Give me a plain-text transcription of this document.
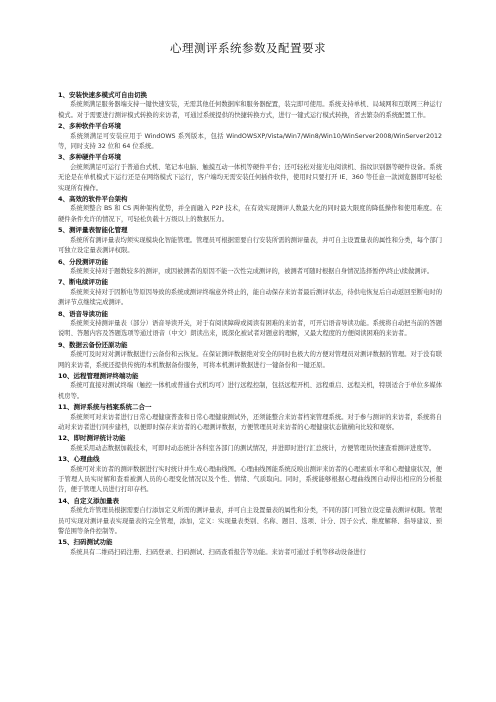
心理测评系统参数及配置要求
1、安装快速多模式可自由切换
系统须满足服务器端支持一键快速安装，无需其他任何数据库和服务器配置，装完即可使用。系统支持单机、局域网和互联网三种运行模式。对于需要进行测评模式转换的来访者，可通过系统提供的快捷转换方式，进行一键式运行模式转换，省去繁杂的系统配置工作。
2、多种软件平台环境
系统须满足可安装应用于 WindOWS 系列版本，包括 WindOWSXP/Vista/Win7/Win8/Win10/WinServer2008/WinServer2012 等，同时支持 32 位和 64 位系统。
3、多种硬件平台环境
会统须满足可运行于普通台式机、笔记本电脑、触摸互动一体机等硬件平台；还可轻松对接光电阅读机、指纹识别器等硬件设备。系统无论是在单机模式下运行还是在网络模式下运行，客户端均无需安装任何插件软件，使用时只要打开 IE、360 等任意一款浏览器即可轻松实现所有操作。
4、高效的软件平台架构
系统须整合 BS 和 CS 两种架构优势，并全面融入 P2P 技术，在有效实现测评人数最大化的同时最大限度的降低操作和使用难度。在硬件条件允许的情况下，可轻松负载十万级以上的数据压力。
5、测评量表智能化管理
系统所有测评量表均须实现模块化智能管理。管理员可根据需要自行安装所需的测评量表，并可自主设置量表的属性和分类，每个部门可独立设定量表测评权限。
6、分段测评功能
系统须支持对于题数较多的测评，或因被测者的原因不能一次性完成测评的，被测者可随时根据自身情况选择暂停\终止\续做测评。
7、断电续评功能
系统须支持对于因断电等原因导致的系统或测评终端意外终止的，能自动保存来访者最后测评状态，待供电恢复后自动返回至断电时的测评节点继续完成测评。
8、语音导读功能
系统须支持测评量表（部分）语音导读开关，对于有阅读障碍或阅读有困难的来访者，可开启语音导读功能。系统将自动把当前的答题说明、答题内容及答题选项等通过语音（中文）朗读出来，既深化被试者对题意的理解，又最大程度的方便阅读困难的来访者。
9、数据云备份还原功能
系统可及时对对测评数据进行云备份和云恢复。在保证测评数据绝对安全的同时也极大的方便对管理员对测评数据的管理。对于没有联网的来访者，系统还提供传统的本机数据备份服务，可将本机测评数据进行一键备份和一键还原。
10、远程管理测评终端功能
系统可直接对测试终端（触控一体机或普通台式机均可）进行远程控制，包括远程开机、远程重启、远程关机，特别适合于单位多媒体机房等。
11、测评系统与档案系统二合一
系统须可对来访者进行日常心理健康普查和日常心理健康测试外，还须能整合来访者档案管理系统。对于参与测评的来访者，系统将自动对来访者进行同步建档，以便即时保存来访者的心理测评数据，方便管理员对来访者的心理健康状态做横向比较和观察。
12、即时测评统计功能
系统采用动态数据加载技术，可即时动态统计各科室各部门的测试情况，并进即时进行汇总统计，方便管理员快速查看测评进度等。
13、心理曲线
系统可对来访者的测评数据进行实时统计并生成心理曲线图。心理曲线图能系统反映出测评来访者的心理素质水平和心理健康状况，便于管理人员实时解和查看被测人员的心理变化情况以及个性、情绪、气质取向。同时，系统能够根据心理曲线图自动得出相应的分析报告，便于管理人员进行打印存档。
14、自定义添加量表
系统允许管理员根据需要自行添加定义所需的测评量表，并可自主设置量表的属性和分类，不同的部门可独立设定量表测评权限。管理员可实现对测评量表实现量表的完全管理，添加，定义：实现量表类别、名称、题目、选项、计分、因子公式、维度解释、指导建议、预警范围等条件控制等。
15、扫码测试功能
系统具有二维码扫码注册、扫码登录、扫码测试、扫码查看报告等功能。来访者可通过手机等移动设备进行
